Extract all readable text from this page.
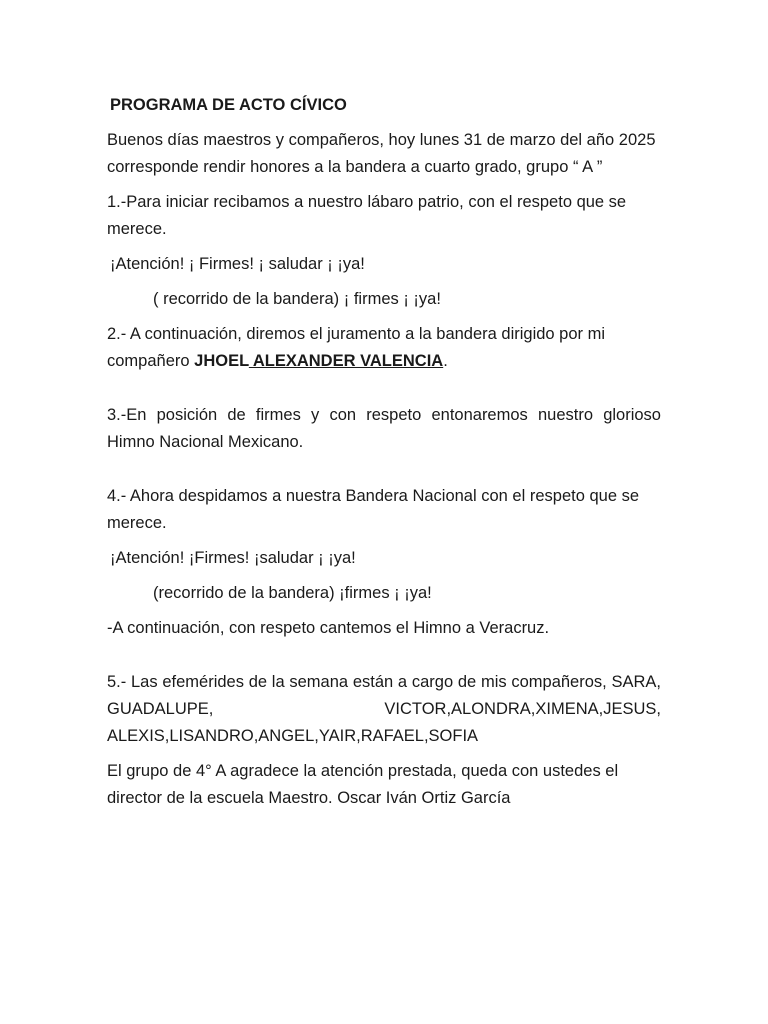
PROGRAMA DE ACTO CÍVICO

Buenos días maestros y compañeros, hoy lunes 31 de marzo del año 2025 corresponde rendir honores a la bandera a cuarto grado, grupo “ A ”

1.-Para iniciar recibamos a nuestro lábaro patrio, con el respeto que se merece.

¡Atención! ¡ Firmes! ¡ saludar ¡ ¡ya!

( recorrido de la bandera) ¡ firmes ¡ ¡ya!

2.- A continuación, diremos el juramento a la bandera dirigido por mi compañero JHOEL ALEXANDER VALENCIA.

3.-En posición de firmes y con respeto entonaremos nuestro glorioso Himno Nacional Mexicano.

4.- Ahora despidamos a nuestra Bandera Nacional con el respeto que se merece.

¡Atención! ¡Firmes! ¡saludar ¡ ¡ya!

(recorrido de la bandera) ¡firmes ¡ ¡ya!

-A continuación, con respeto cantemos el Himno a Veracruz.

5.- Las efemérides de la semana están a cargo de mis compañeros, SARA,          GUADALUPE,          VICTOR,ALONDRA,XIMENA,JESUS, ALEXIS,LISANDRO,ANGEL,YAIR,RAFAEL,SOFIA

El grupo de 4° A agradece la atención prestada, queda con ustedes el director de la escuela Maestro. Oscar Iván Ortiz García
